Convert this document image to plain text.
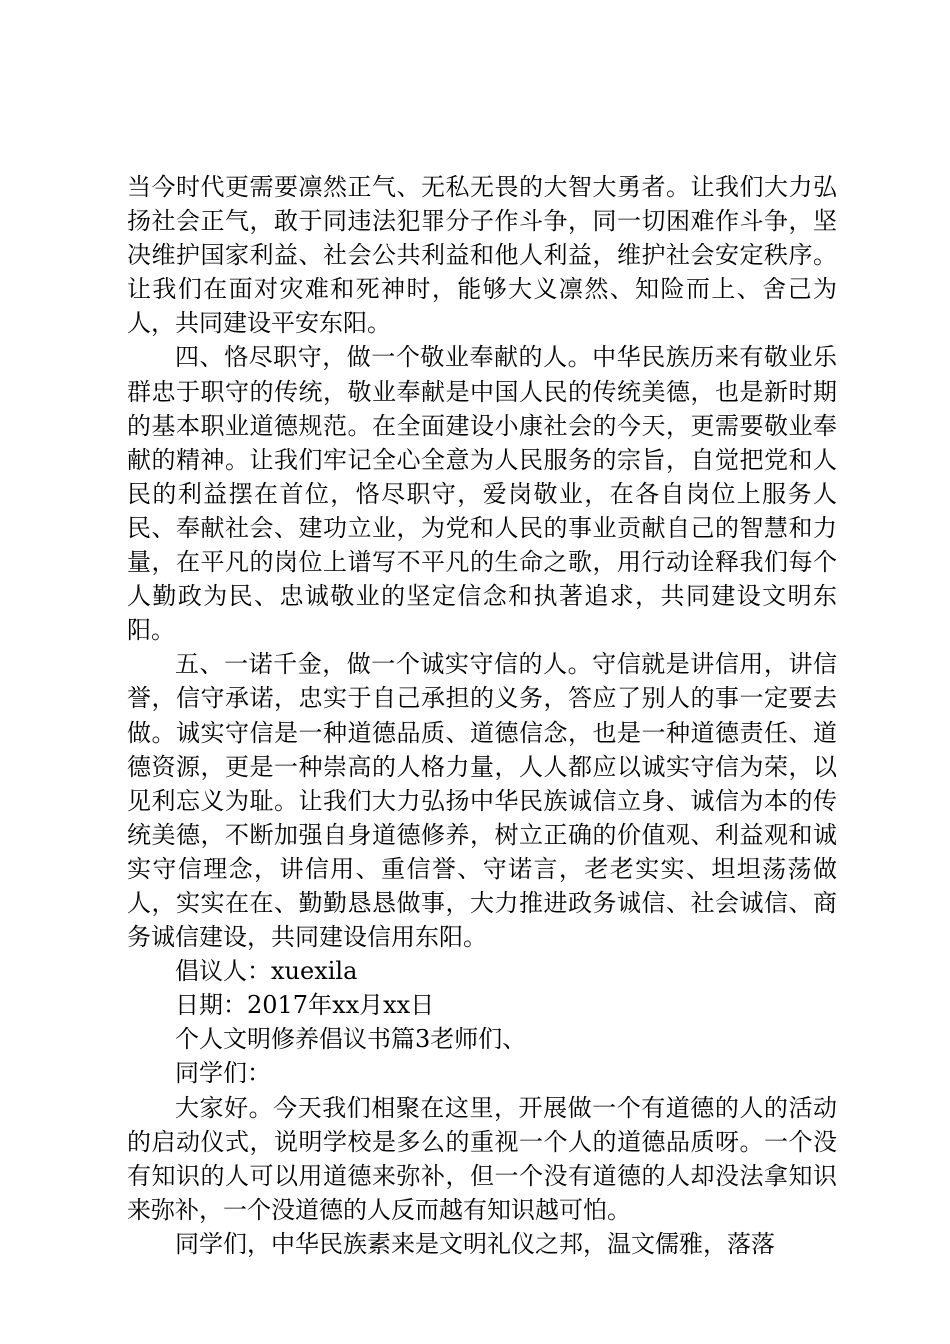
当今时代更需要凛然正气、无私无畏的大智大勇者。让我们大力弘扬社会正气，敢于同违法犯罪分子作斗争，同一切困难作斗争，坚决维护国家利益、社会公共利益和他人利益，维护社会安定秩序。让我们在面对灾难和死神时，能够大义凛然、知险而上、舍己为人，共同建设平安东阳。

四、恪尽职守，做一个敬业奉献的人。中华民族历来有敬业乐群忠于职守的传统，敬业奉献是中国人民的传统美德，也是新时期的基本职业道德规范。在全面建设小康社会的今天，更需要敬业奉献的精神。让我们牢记全心全意为人民服务的宗旨，自觉把党和人民的利益摆在首位，恪尽职守，爱岗敬业，在各自岗位上服务人民、奉献社会、建功立业，为党和人民的事业贡献自己的智慧和力量，在平凡的岗位上谱写不平凡的生命之歌，用行动诠释我们每个人勤政为民、忠诚敬业的坚定信念和执著追求，共同建设文明东阳。

五、一诺千金，做一个诚实守信的人。守信就是讲信用，讲信誉，信守承诺，忠实于自己承担的义务，答应了别人的事一定要去做。诚实守信是一种道德品质、道德信念，也是一种道德责任、道德资源，更是一种崇高的人格力量，人人都应以诚实守信为荣，以见利忘义为耻。让我们大力弘扬中华民族诚信立身、诚信为本的传统美德，不断加强自身道德修养，树立正确的价值观、利益观和诚实守信理念，讲信用、重信誉、守诺言，老老实实、坦坦荡荡做人，实实在在、勤勤恳恳做事，大力推进政务诚信、社会诚信、商务诚信建设，共同建设信用东阳。

倡议人：xuexila

日期：2017年xx月xx日

个人文明修养倡议书篇3老师们、

同学们：

大家好。今天我们相聚在这里，开展做一个有道德的人的活动的启动仪式，说明学校是多么的重视一个人的道德品质呀。一个没有知识的人可以用道德来弥补，但一个没有道德的人却没法拿知识来弥补，一个没道德的人反而越有知识越可怕。

同学们，中华民族素来是文明礼仪之邦，温文儒雅，落落
